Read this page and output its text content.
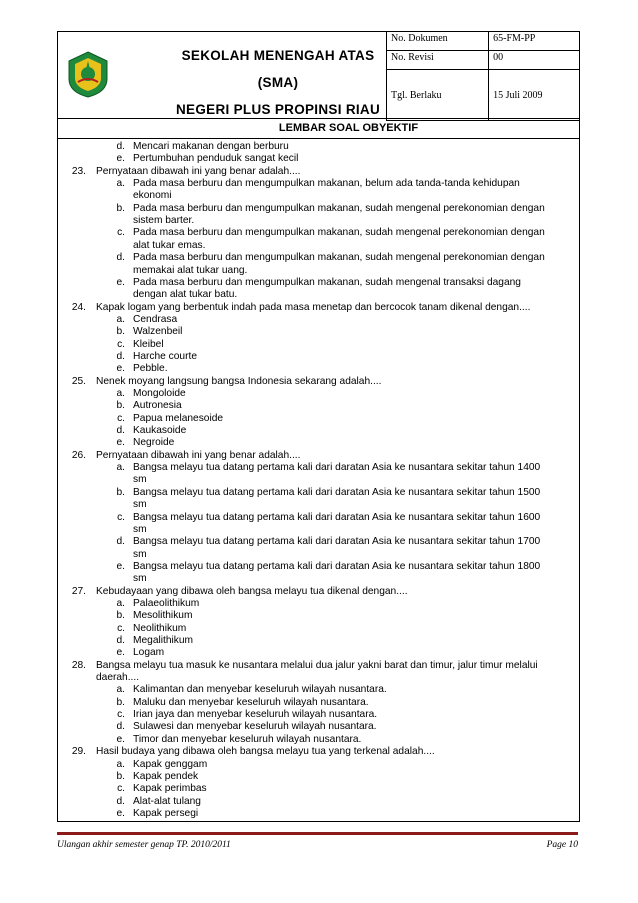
SEKOLAH MENENGAH ATAS
(SMA)
NEGERI PLUS PROPINSI RIAU
No. Dokumen	65-FM-PP
No. Revisi	00
Tgl. Berlaku	15 Juli 2009
LEMBAR SOAL OBYEKTIF
d. Mencari makanan dengan berburu
e. Pertumbuhan penduduk sangat kecil
23. Pernyataan dibawah ini yang benar adalah....
a. Pada masa berburu dan mengumpulkan makanan, belum ada tanda-tanda kehidupan
ekonomi
b. Pada masa berburu dan mengumpulkan makanan, sudah mengenal perekonomian dengan
sistem barter.
c. Pada masa berburu dan mengumpulkan makanan, sudah mengenal perekonomian dengan
alat tukar emas.
d. Pada masa berburu dan mengumpulkan makanan, sudah mengenal perekonomian dengan
memakai alat tukar uang.
e. Pada masa berburu dan mengumpulkan makanan, sudah mengenal transaksi dagang
dengan alat tukar batu.
24. Kapak logam yang berbentuk indah pada masa menetap dan bercocok tanam dikenal dengan....
a. Cendrasa
b. Walzenbeil
c. Kleibel
d. Harche courte
e. Pebble.
25. Nenek moyang langsung bangsa Indonesia sekarang adalah....
a. Mongoloide
b. Autronesia
c. Papua melanesoide
d. Kaukasoide
e. Negroide
26. Pernyataan dibawah ini yang benar adalah....
a. Bangsa melayu tua datang pertama kali dari daratan Asia ke nusantara sekitar tahun 1400
sm
b. Bangsa melayu tua datang pertama kali dari daratan Asia ke nusantara sekitar tahun 1500
sm
c. Bangsa melayu tua datang pertama kali dari daratan Asia ke nusantara sekitar tahun 1600
sm
d. Bangsa melayu tua datang pertama kali dari daratan Asia ke nusantara sekitar tahun 1700
sm
e. Bangsa melayu tua datang pertama kali dari daratan Asia ke nusantara sekitar tahun 1800
sm
27. Kebudayaan yang dibawa oleh bangsa melayu tua dikenal dengan....
a. Palaeolithikum
b. Mesolithikum
c. Neolithikum
d. Megalithikum
e. Logam
28. Bangsa melayu tua masuk ke nusantara melalui dua jalur yakni barat dan timur, jalur timur melalui
daerah....
a. Kalimantan dan menyebar keseluruh wilayah nusantara.
b. Maluku dan menyebar keseluruh wilayah nusantara.
c. Irian jaya dan menyebar keseluruh wilayah nusantara.
d. Sulawesi dan menyebar keseluruh wilayah nusantara.
e. Timor dan menyebar keseluruh wilayah nusantara.
29. Hasil budaya yang dibawa oleh bangsa melayu tua yang terkenal adalah....
a. Kapak genggam
b. Kapak pendek
c. Kapak perimbas
d. Alat-alat tulang
e. Kapak persegi
Ulangan akhir semester genap TP. 2010/2011	Page 10
